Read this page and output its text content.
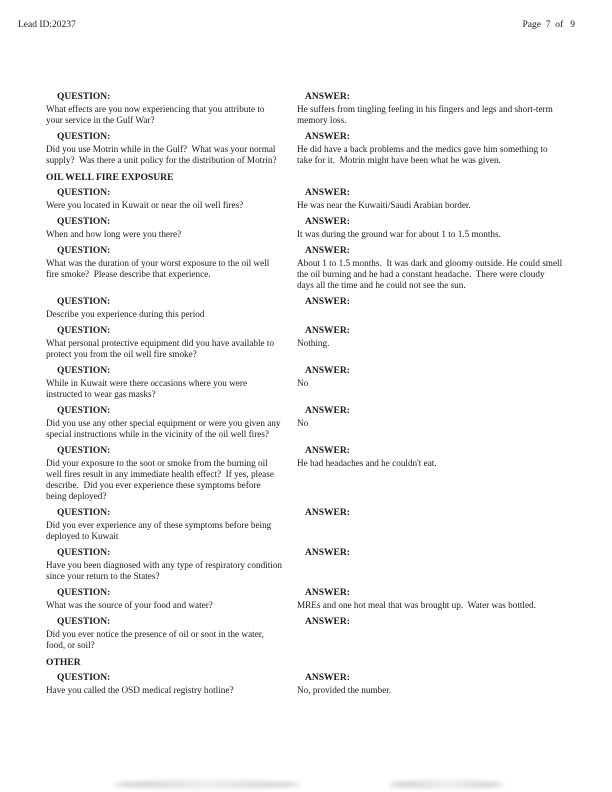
Lead ID:20237	Page  7  of   9
QUESTION:
What effects are you now experiencing that you attribute to your service in the Gulf War?
ANSWER:
He suffers from tingling feeling in his fingers and legs and short-term memory loss.
QUESTION:
Did you use Motrin while in the Gulf?  What was your normal supply?  Was there a unit policy for the distribution of Motrin?
ANSWER:
He did have a back problems and the medics gave him something to take for it.  Motrin might have been what he was given.
OIL WELL FIRE EXPOSURE
QUESTION:
Were you located in Kuwait or near the oil well fires?
ANSWER:
He was near the Kuwaiti/Saudi Arabian border.
QUESTION:
When and how long were you there?
ANSWER:
It was during the ground war for about 1 to 1.5 months.
QUESTION:
What was the duration of your worst exposure to the oil well fire smoke?  Please describe that experience.
ANSWER:
About 1 to 1.5 months.  It was dark and gloomy outside. He could smell the oil burning and he had a constant headache.  There were cloudy days all the time and he could not see the sun.
QUESTION:
Describe you experience during this period
ANSWER:
QUESTION:
What personal protective equipment did you have available to protect you from the oil well fire smoke?
ANSWER:
Nothing.
QUESTION:
While in Kuwait were there occasions where you were instructed to wear gas masks?
ANSWER:
No
QUESTION:
Did you use any other special equipment or were you given any special instructions while in the vicinity of the oil well fires?
ANSWER:
No
QUESTION:
Did your exposure to the soot or smoke from the burning oil well fires result in any immediate health effect?  If yes, please describe.  Did you ever experience these symptoms before being deployed?
ANSWER:
He had headaches and he couldn't eat.
QUESTION:
Did you ever experience any of these symptoms before being deployed to Kuwait
ANSWER:
QUESTION:
Have you been diagnosed with any type of respiratory condition since your return to the States?
ANSWER:
QUESTION:
What was the source of your food and water?
ANSWER:
MREs and one hot meal that was brought up.  Water was bottled.
QUESTION:
Did you ever notice the presence of oil or soot in the water, food, or soil?
ANSWER:
OTHER
QUESTION:
Have you called the OSD medical registry hotline?
ANSWER:
No, provided the number.
